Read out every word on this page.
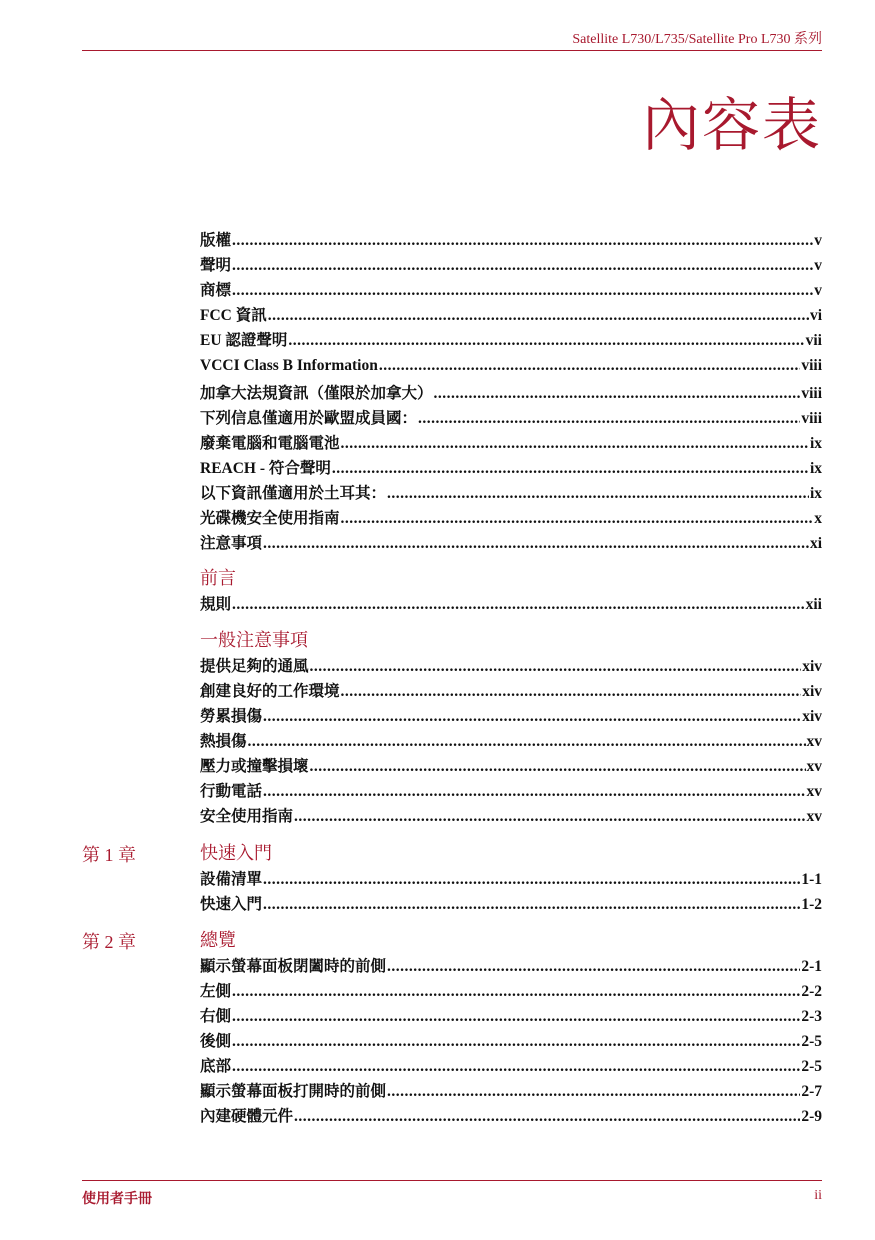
Satellite L730/L735/Satellite Pro L730 系列
內容表
版權 .....	v
聲明 .....	v
商標 .....	v
FCC 資訊 .....	vi
EU 認證聲明 .....	vii
VCCI Class B Information .....	viii
加拿大法規資訊（僅限於加拿大） .....	viii
下列信息僅適用於歐盟成員國： .....	viii
廢棄電腦和電腦電池 .....	ix
REACH - 符合聲明 .....	ix
以下資訊僅適用於土耳其： .....	ix
光碟機安全使用指南 .....	x
注意事項 .....	xi
前言
規則 .....	xii
一般注意事項
提供足夠的通風 .....	xiv
創建良好的工作環境 .....	xiv
勞累損傷 .....	xiv
熱損傷 .....	xv
壓力或撞擊損壞 .....	xv
行動電話 .....	xv
安全使用指南 .....	xv
第 1 章	快速入門
設備清單 .....	1-1
快速入門 .....	1-2
第 2 章	總覽
顯示螢幕面板閉闔時的前側 .....	2-1
左側 .....	2-2
右側 .....	2-3
後側 .....	2-5
底部 .....	2-5
顯示螢幕面板打開時的前側 .....	2-7
內建硬體元件 .....	2-9
使用者手冊	ii
